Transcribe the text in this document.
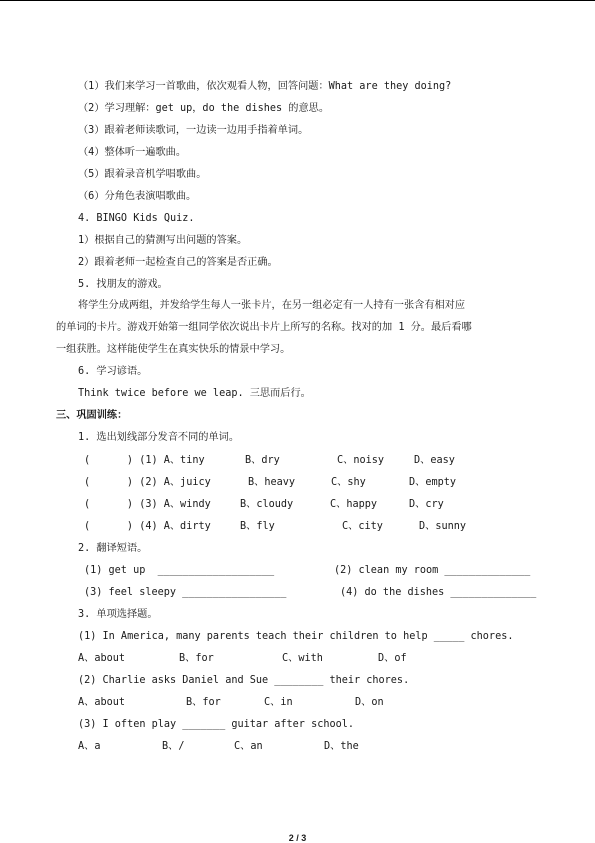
（1）我们来学习一首歌曲，依次观看人物，回答问题：What are they doing?
（2）学习理解：get up，do the dishes 的意思。
（3）跟着老师读歌词，一边读一边用手指着单词。
（4）整体听一遍歌曲。
（5）跟着录音机学唱歌曲。
（6）分角色表演唱歌曲。
4. BINGO Kids Quiz.
1）根据自己的猜测写出问题的答案。
2）跟着老师一起检查自己的答案是否正确。
5. 找朋友的游戏。
将学生分成两组，并发给学生每人一张卡片，在另一组必定有一人持有一张含有相对应
的单词的卡片。游戏开始第一组同学依次说出卡片上所写的名称。找对的加 1 分。最后看哪
一组获胜。这样能使学生在真实快乐的情景中学习。
6. 学习谚语。
Think twice before we leap. 三思而后行。
三、巩固训练：
1. 选出划线部分发音不同的单词。
(      ) (1) A、tiny	B、dry	C、noisy	D、easy
(      ) (2) A、juicy	B、heavy	C、shy	D、empty
(      ) (3) A、windy	B、cloudy	C、happy	D、cry
(      ) (4) A、dirty	B、fly	C、city	D、sunny
2. 翻译短语。
(1) get up  ___________________	(2) clean my room ______________
(3) feel sleepy _________________	(4) do the dishes ______________
3. 单项选择题。
(1) In America, many parents teach their children to help _____ chores.
A、about	B、for	C、with	D、of
(2) Charlie asks Daniel and Sue ________ their chores.
A、about	B、for	C、in	D、on
(3) I often play _______ guitar after school.
A、a	B、/	C、an	D、the
2 / 3
